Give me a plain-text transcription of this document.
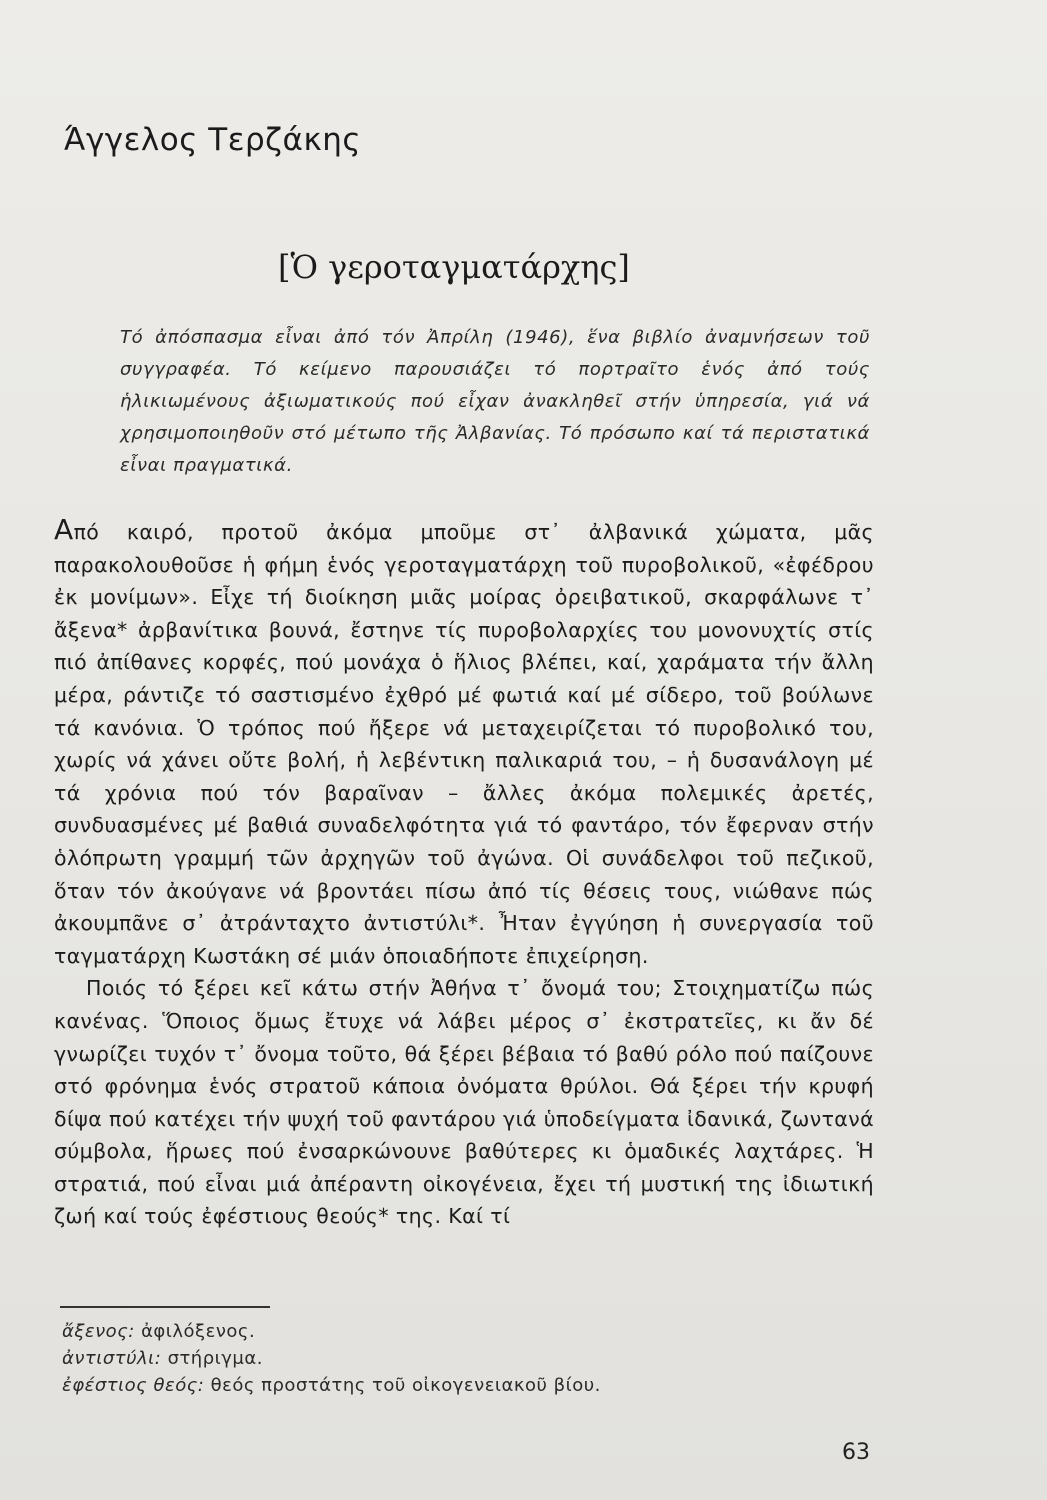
Άγγελος Τερζάκης
[Ὁ γεροταγματάρχης]

Τό ἀπόσπασμα εἶναι ἀπό τόν Ἀπρίλη (1946), ἕνα βιβλίο ἀναμνήσεων τοῦ συγγραφέα. Τό κείμενο παρουσιάζει τό πορτραῖτο ἑνός ἀπό τούς ἡλικιωμένους ἀξιωματικούς πού εἶχαν ἀνακληθεῖ στήν ὑπηρεσία, γιά νά χρησιμοποιηθοῦν στό μέτωπο τῆς Ἀλβανίας. Τό πρόσωπο καί τά περιστατικά εἶναι πραγματικά.

Από καιρό, προτοῦ ἀκόμα μποῦμε στ᾽ ἀλβανικά χώματα, μᾶς παρακολουθοῦσε ἡ φήμη ἑνός γεροταγματάρχη τοῦ πυροβολικοῦ, «ἐφέδρου ἐκ μονίμων». Εἶχε τή διοίκηση μιᾶς μοίρας ὀρειβατικοῦ, σκαρφάλωνε τ᾽ ἄξενα* ἀρβανίτικα βουνά, ἔστηνε τίς πυροβολαρχίες του μονονυχτίς στίς πιό ἀπίθανες κορφές, πού μονάχα ὁ ἥλιος βλέπει, καί, χαράματα τήν ἄλλη μέρα, ράντιζε τό σαστισμένο ἐχθρό μέ φωτιά καί μέ σίδερο, τοῦ βούλωνε τά κανόνια. Ὁ τρόπος πού ἤξερε νά μεταχειρίζεται τό πυροβολικό του, χωρίς νά χάνει οὔτε βολή, ἡ λεβέντικη παλικαριά του, – ἡ δυσανάλογη μέ τά χρόνια πού τόν βαραῖναν – ἄλλες ἀκόμα πολεμικές ἀρετές, συνδυασμένες μέ βαθιά συναδελφότητα γιά τό φαντάρο, τόν ἔφερναν στήν ὁλόπρωτη γραμμή τῶν ἀρχηγῶν τοῦ ἀγώνα. Οἱ συνάδελφοι τοῦ πεζικοῦ, ὅταν τόν ἀκούγανε νά βροντάει πίσω ἀπό τίς θέσεις τους, νιώθανε πώς ἀκουμπᾶνε σ᾽ ἀτράνταχτο ἀντιστύλι*. Ἦταν ἐγγύηση ἡ συνεργασία τοῦ ταγματάρχη Κωστάκη σέ μιάν ὁποιαδήποτε ἐπιχείρηση.

Ποιός τό ξέρει κεῖ κάτω στήν Ἀθήνα τ᾽ ὄνομά του; Στοιχηματίζω πώς κανένας. Ὅποιος ὅμως ἔτυχε νά λάβει μέρος σ᾽ ἐκστρατεῖες, κι ἄν δέ γνωρίζει τυχόν τ᾽ ὄνομα τοῦτο, θά ξέρει βέβαια τό βαθύ ρόλο πού παίζουνε στό φρόνημα ἑνός στρατοῦ κάποια ὀνόματα θρύλοι. Θά ξέρει τήν κρυφή δίψα πού κατέχει τήν ψυχή τοῦ φαντάρου γιά ὑποδείγματα ἰδανικά, ζωντανά σύμβολα, ἥρωες πού ἐνσαρκώνουνε βαθύτερες κι ὁμαδικές λαχτάρες. Ἡ στρατιά, πού εἶναι μιά ἀπέραντη οἰκογένεια, ἔχει τή μυστική της ἰδιωτική ζωή καί τούς ἐφέστιους θεούς* της. Καί τί

ἄξενος: ἀφιλόξενος.
ἀντιστύλι: στήριγμα.
ἐφέστιος θεός: θεός προστάτης τοῦ οἰκογενειακοῦ βίου.
63
